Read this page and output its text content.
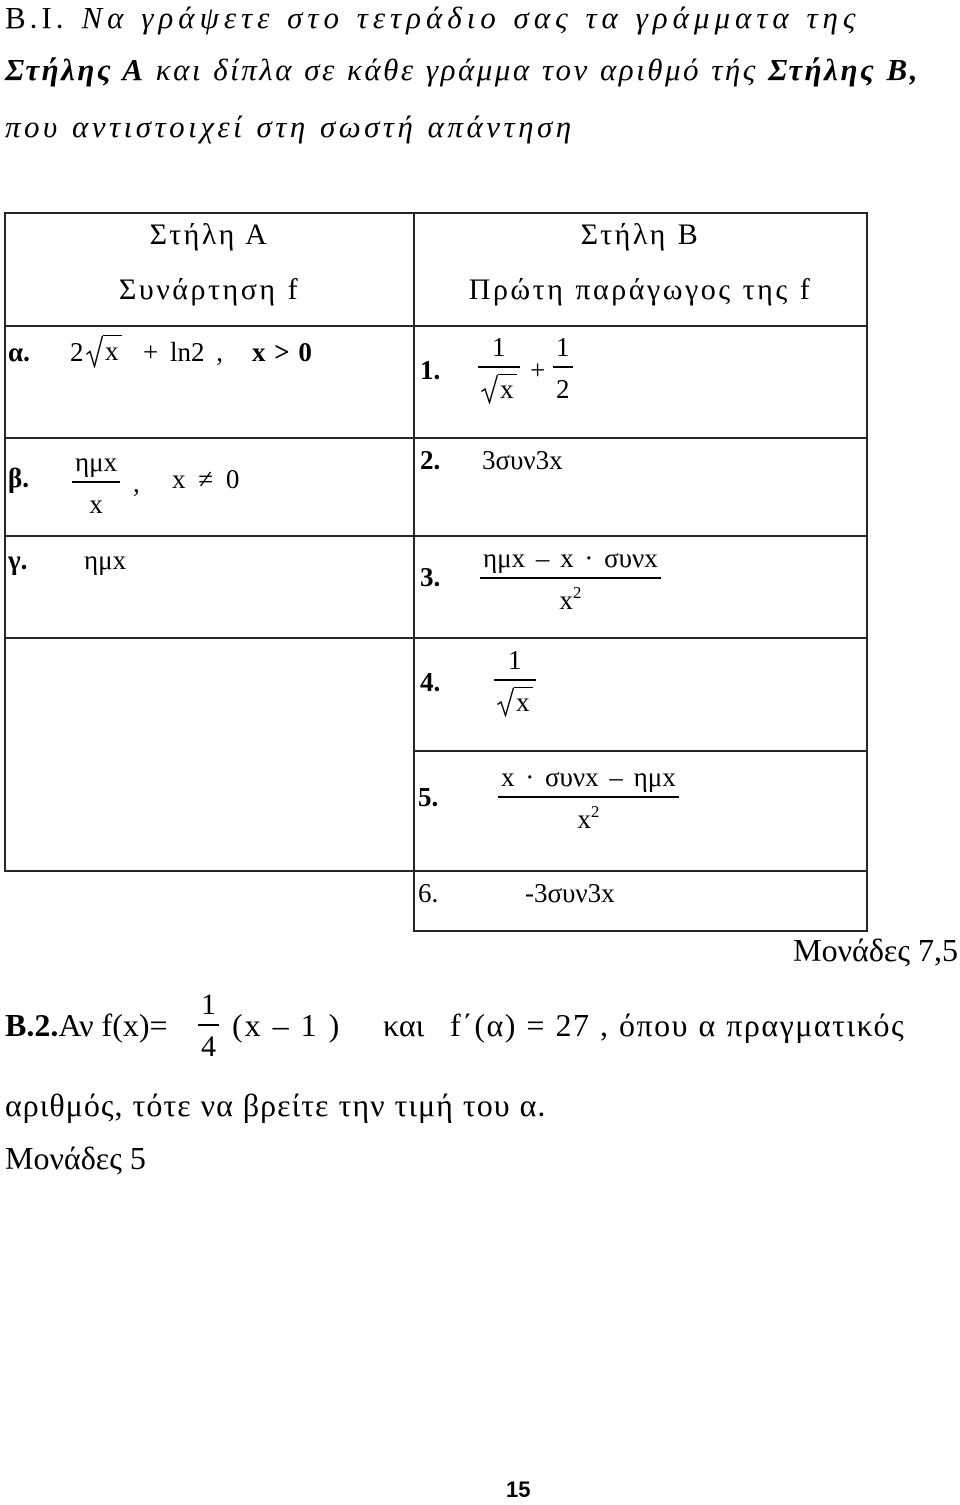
Β.Ι. Να γράψετε στο τετράδιο σας τα γράμματα της
Στήλης Α και δίπλα σε κάθε γράμμα τον αριθμό τής Στήλης Β,
που αντιστοιχεί στη σωστή απάντηση
Στήλη Α
Συνάρτηση f
Στήλη Β
Πρώτη παράγωγος της f
α. 2 x + ln2 , x > 0
1.
1
x
+
1
2
β.
ημx
x
, x ≠ 0
2. 3συν3x
γ. ημx
3.
ημx – x · συνx
$x^2$
4.
1
x
5.
x · συνx – ημx
$x^2$
6.	-3συν3x
Μονάδες 7,5
Β.2.Αν f(x)=
1
4
(x – 1 ) και f΄(α) = 27 , όπου α πραγματικός
αριθμός, τότε να βρείτε την τιμή του α.
Μονάδες 5
15
